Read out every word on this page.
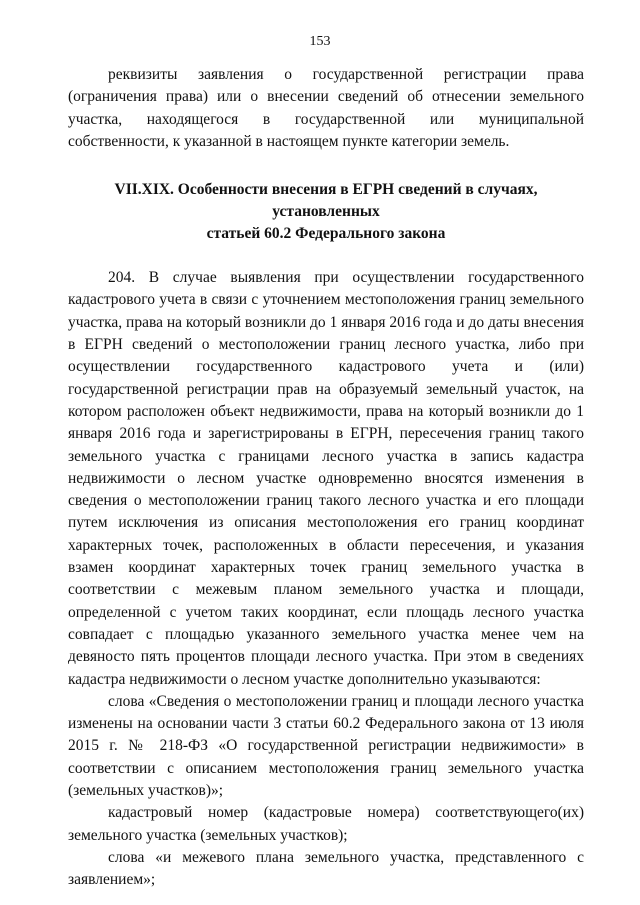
153

реквизиты заявления о государственной регистрации права (ограничения права) или о внесении сведений об отнесении земельного участка, находящегося в государственной или муниципальной собственности, к указанной в настоящем пункте категории земель.

VII.XIX. Особенности внесения в ЕГРН сведений в случаях, установленных
статьей 60.2 Федерального закона

204. В случае выявления при осуществлении государственного кадастрового учета в связи с уточнением местоположения границ земельного участка, права на который возникли до 1 января 2016 года и до даты внесения в ЕГРН сведений о местоположении границ лесного участка, либо при осуществлении государственного кадастрового учета и (или) государственной регистрации прав на образуемый земельный участок, на котором расположен объект недвижимости, права на который возникли до 1 января 2016 года и зарегистрированы в ЕГРН, пересечения границ такого земельного участка с границами лесного участка в запись кадастра недвижимости о лесном участке одновременно вносятся изменения в сведения о местоположении границ такого лесного участка и его площади путем исключения из описания местоположения его границ координат характерных точек, расположенных в области пересечения, и указания взамен координат характерных точек границ земельного участка в соответствии с межевым планом земельного участка и площади, определенной с учетом таких координат, если площадь лесного участка совпадает с площадью указанного земельного участка менее чем на девяносто пять процентов площади лесного участка. При этом в сведениях кадастра недвижимости о лесном участке дополнительно указываются:

слова «Сведения о местоположении границ и площади лесного участка изменены на основании части 3 статьи 60.2 Федерального закона от 13 июля 2015 г. № 218-ФЗ «О государственной регистрации недвижимости» в соответствии с описанием местоположения границ земельного участка (земельных участков)»;

кадастровый номер (кадастровые номера) соответствующего(их) земельного участка (земельных участков);

слова «и межевого плана земельного участка, представленного с заявлением»;
